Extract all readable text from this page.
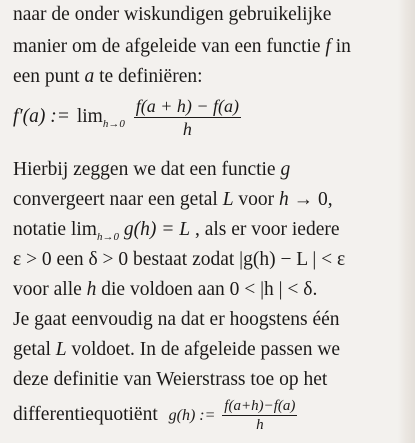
naar de onder wiskundigen gebruikelijke
manier om de afgeleide van een functie f in
een punt a te definiëren:
f′(a) := $\lim_{h\to 0} \frac{f(a + h) - f(a)}{h}$
Hierbij zeggen we dat een functie g
convergeert naar een getal L voor h → 0,
notatie $\lim_{h\to 0} g(h) = L$ , als er voor iedere
ε > 0 een δ > 0 bestaat zodat |g(h) − L | < ε
voor alle h die voldoen aan 0 < |h | < δ.
Je gaat eenvoudig na dat er hoogstens één
getal L voldoet. In de afgeleide passen we
deze definitie van Weierstrass toe op het
differentiequotiënt g(h) := $\frac{f(a+h)-f(a)}{h}$
